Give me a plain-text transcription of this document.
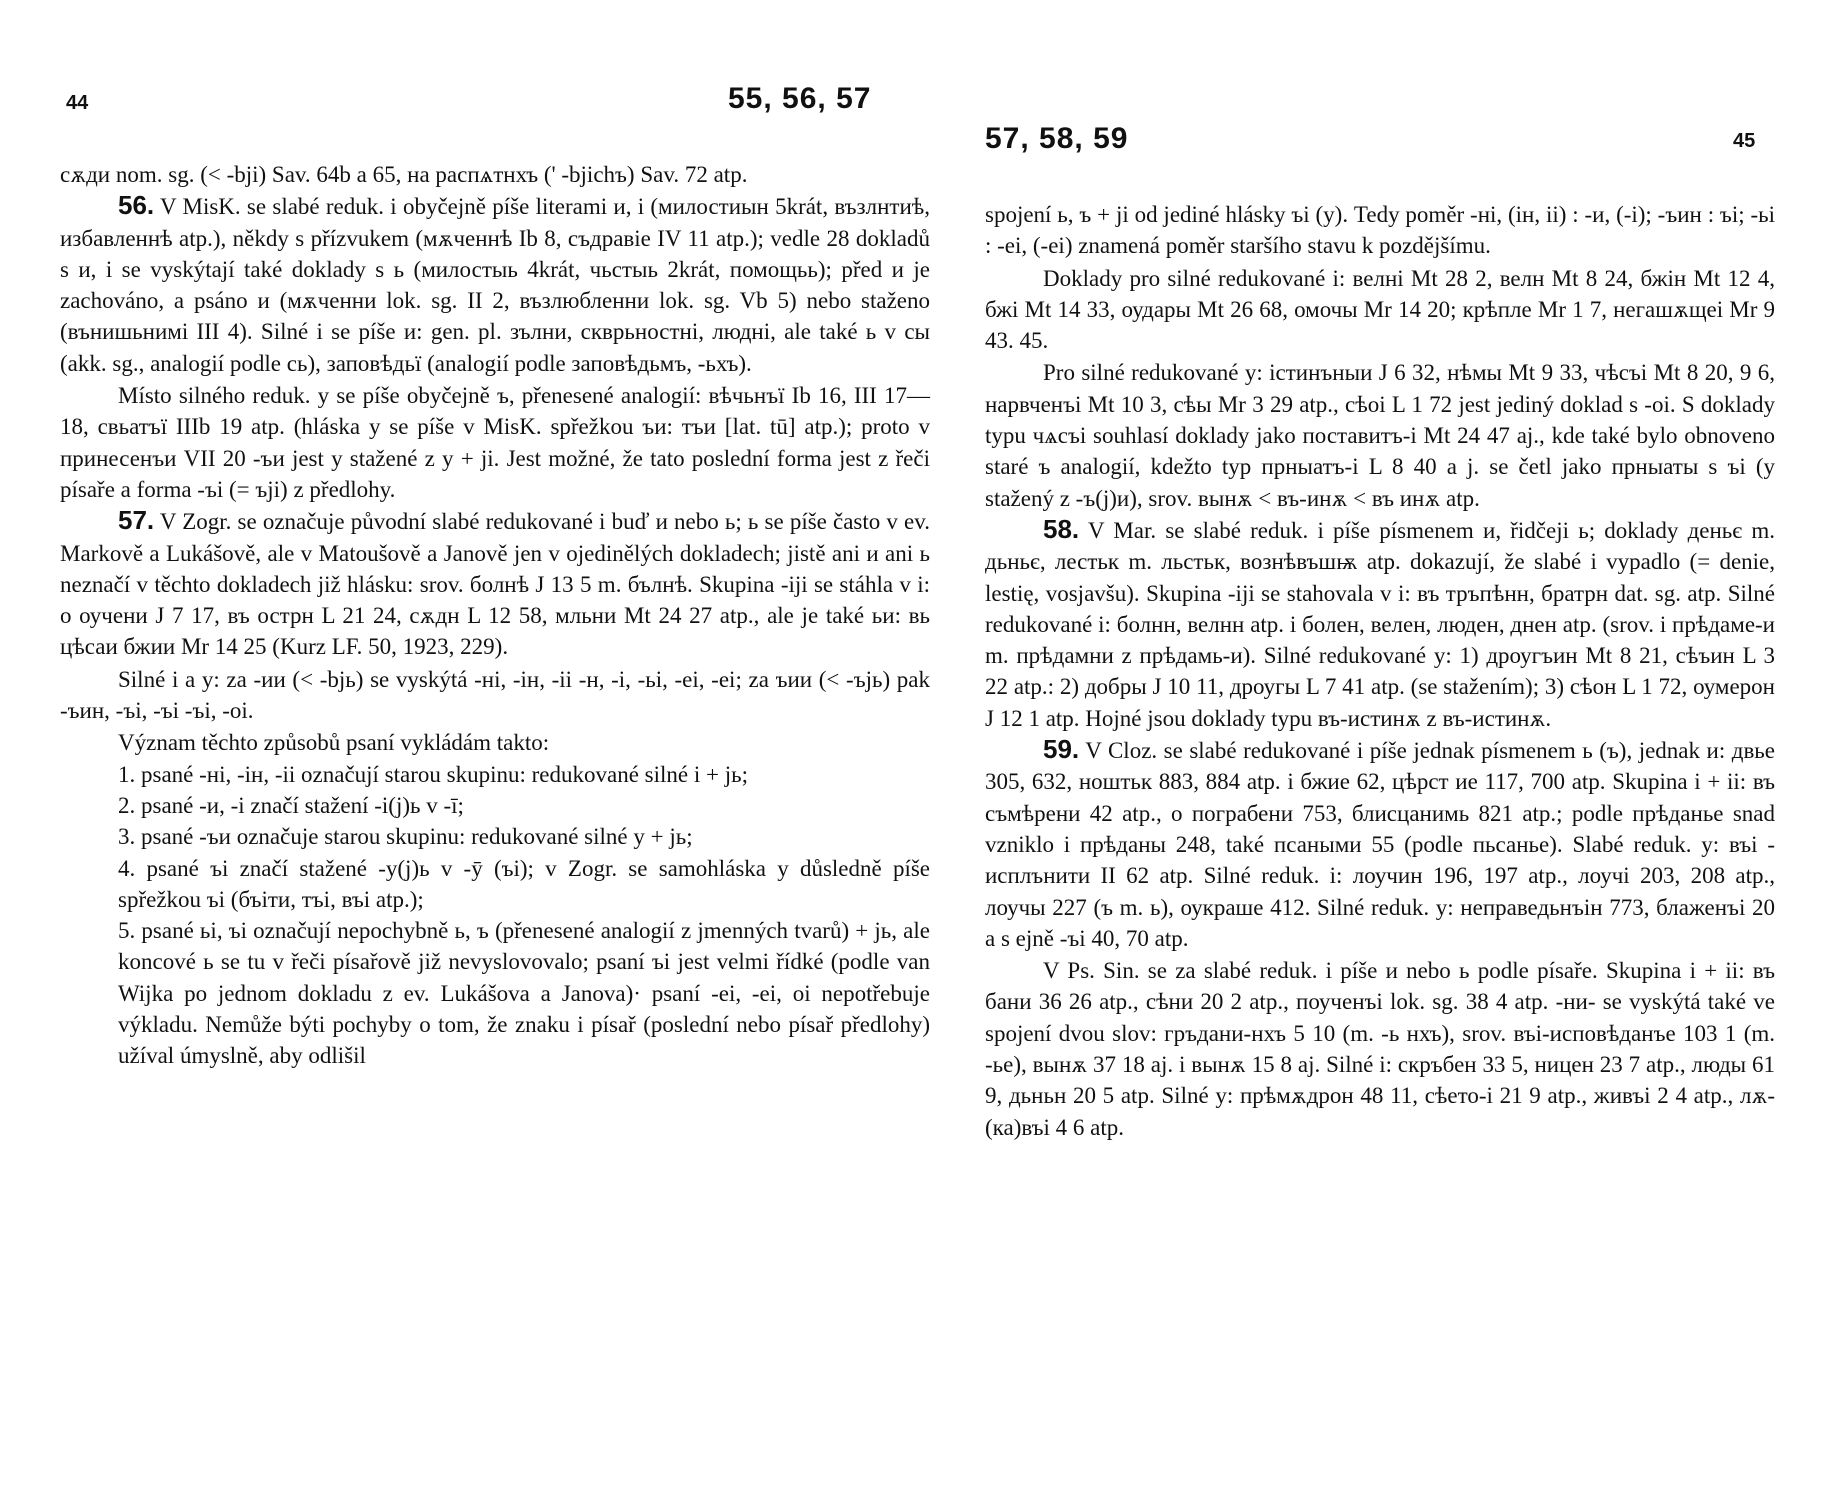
44	55, 56, 57

сѫди nom. sg. (< -bji) Sav. 64b a 65, на распѧтнхъ (' -bjichъ) Sav. 72 atp.

56. V MisK. se slabé reduk. i obyčejně píše literami и, і (милостиын 5krát, възлнтиѣ, избавленнѣ atp.), někdy s přízvukem (мѫченнѣ Ib 8, съдравіе IV 11 atp.); vedle 28 dokladů s и, і se vyskýtají také doklady s ь (милостыь 4krát, чьстыь 2krát, помощьь); před и je zachováno, a psáno и (мѫченни lok. sg. II 2, възлюбленни lok. sg. Vb 5) nebo staženo (вънишьнимі III 4). Silné i se píše и: gen. pl. зълни, скврьностні, людні, ale také ь v сы (akk. sg., analogií podle сь), заповѣдьї (analogií podle заповѣдьмъ, -ьхъ).

Místo silného reduk. y se píše obyčejně ъ, přenesené analogií: вѣчьнъї Ib 16, III 17—18, свьатъї IIIb 19 atp. (hláska y se píše v MisK. spřežkou ъи: тъи [lat. tū] atp.); proto v принесенъи VII 20 -ъи jest y stažené z y + ji. Jest možné, že tato poslední forma jest z řeči písaře a forma -ъі (= ъji) z předlohy.

57. V Zogr. se označuje původní slabé redukované i buď и nebo ь; ь se píše často v ev. Markově a Lukášově, ale v Matoušově a Janově jen v ojedinělých dokladech; jistě ani и ani ь neznačí v těchto dokladech již hlásku: srov. болнѣ J 13 5 m. бълнѣ. Skupina -iji se stáhla v i: о оучени J 7 17, въ острн L 21 24, сѫдн L 12 58, мльни Mt 24 27 atp., ale je také ьи: вь цѣсаи бжии Mr 14 25 (Kurz LF. 50, 1923, 229).

Silné i a y: za -ии (< -bjь) se vyskýtá -ні, -ін, -іі -н, -і, -ьі, -еі, -еі; za ъии (< -ъjь) pak -ъин, -ъі, -ъі -ъі, -оі.

Význam těchto způsobů psaní vykládám takto:

1. psané -ні, -ін, -іі označují starou skupinu: redukované silné i + jь;

2. psané -и, -і značí stažení -i(j)ь v -ī;

3. psané -ъи označuje starou skupinu: redukované silné y + jь;

4. psané ъі značí stažené -y(j)ь v -ȳ (ъі); v Zogr. se samohláska y důsledně píše spřežkou ъі (бъіти, тъі, въі atp.);

5. psané ьі, ъі označují nepochybně ь, ъ (přenesené analogií z jmenných tvarů) + jь, ale koncové ь se tu v řeči písařově již nevyslovovalo; psaní ъі jest velmi řídké (podle van Wijka po jednom dokladu z ev. Lukášova a Janova)· psaní -еі, -еі, оі nepotřebuje výkladu. Nemůže býti pochyby o tom, že znaku і písař (poslední nebo písař předlohy) užíval úmyslně, aby odlišil

57, 58, 59	45

spojení ь, ъ + ji od jediné hlásky ъі (y). Tedy poměr -ні, (ін, іі) : -и, (-і); -ъин : ъі; -ьі : -еі, (-еі) znamená poměr staršího stavu k pozdějšímu.

Doklady pro silné redukované i: велні Mt 28 2, велн Mt 8 24, бжін Mt 12 4, бжі Mt 14 33, оудары Mt 26 68, омочы Mr 14 20; крѣпле Mr 1 7, негашѫщеі Mr 9 43. 45.

Pro silné redukované y: істинъныи J 6 32, нѣмы Mt 9 33, чѣсъі Mt 8 20, 9 6, нарвченъі Mt 10 3, сѣы Mr 3 29 atp., сѣоі L 1 72 jest jediný doklad s -оі. S doklady typu чѧсъі souhlasí doklady jako поставитъ-і Mt 24 47 aj., kde také bylo obnoveno staré ъ analogií, kdežto typ прныатъ-і L 8 40 a j. se četl jako прныаты s ъі (y stažený z -ъ(j)и), srov. вынѫ < въ-инѫ < въ инѫ atp.

58. V Mar. se slabé reduk. i píše písmenem и, řidčeji ь; doklady деньє m. дьньє, лестьк m. льстьк, вознѣвъшѭ atp. dokazují, že slabé i vypadlo (= denie, lestię, vosjavšu). Skupina -iji se stahovala v i: въ тръпѣнн, братрн dat. sg. atp. Silné redukované i: болнн, велнн atp. i болен, велен, люден, днен atp. (srov. і прѣдаме-и m. прѣдамни z прѣдамь-и). Silné redukované y: 1) дроугъин Mt 8 21, сѣъин L 3 22 atp.: 2) добры J 10 11, дроугы L 7 41 atp. (se stažením); 3) сѣон L 1 72, оумерон J 12 1 atp. Hojné jsou doklady typu въ-истинѫ z въ-истинѫ.

59. V Cloz. se slabé redukované i píše jednak písmenem ь (ъ), jednak и: двье 305, 632, ноштьк 883, 884 atp. i бжие 62, цѣрст ие 117, 700 atp. Skupina i + ii: въ съмѣрени 42 atp., о пограбени 753, блисцанимь 821 atp.; podle прѣданье snad vzniklo i прѣданы 248, také псаными 55 (podle пьсанье). Slabé reduk. y: въі - исплънити II 62 atp. Silné reduk. i: лоучин 196, 197 atp., лоучі 203, 208 atp., лоучы 227 (ъ m. ь), оукраше 412. Silné reduk. y: неправедьнъін 773, блаженъі 20 a s ejně -ъі 40, 70 atp.

V Ps. Sin. se za slabé reduk. i píše и nebo ь podle písaře. Skupina i + ii: въ бани 36 26 atp., сѣни 20 2 atp., поученъі lok. sg. 38 4 atp. -ни- se vyskýtá také ve spojení dvou slov: гръдани-нхъ 5 10 (m. -ь нхъ), srov. въі-исповѣданъе 103 1 (m. -ье), вынѫ 37 18 aj. i вынѫ 15 8 aj. Silné i: скръбен 33 5, ницен 23 7 atp., люды 61 9, дьньн 20 5 atp. Silné y: прѣмѫдрон 48 11, сѣето-і 21 9 atp., живъі 2 4 atp., лѫ-(ка)въі 4 6 atp.
